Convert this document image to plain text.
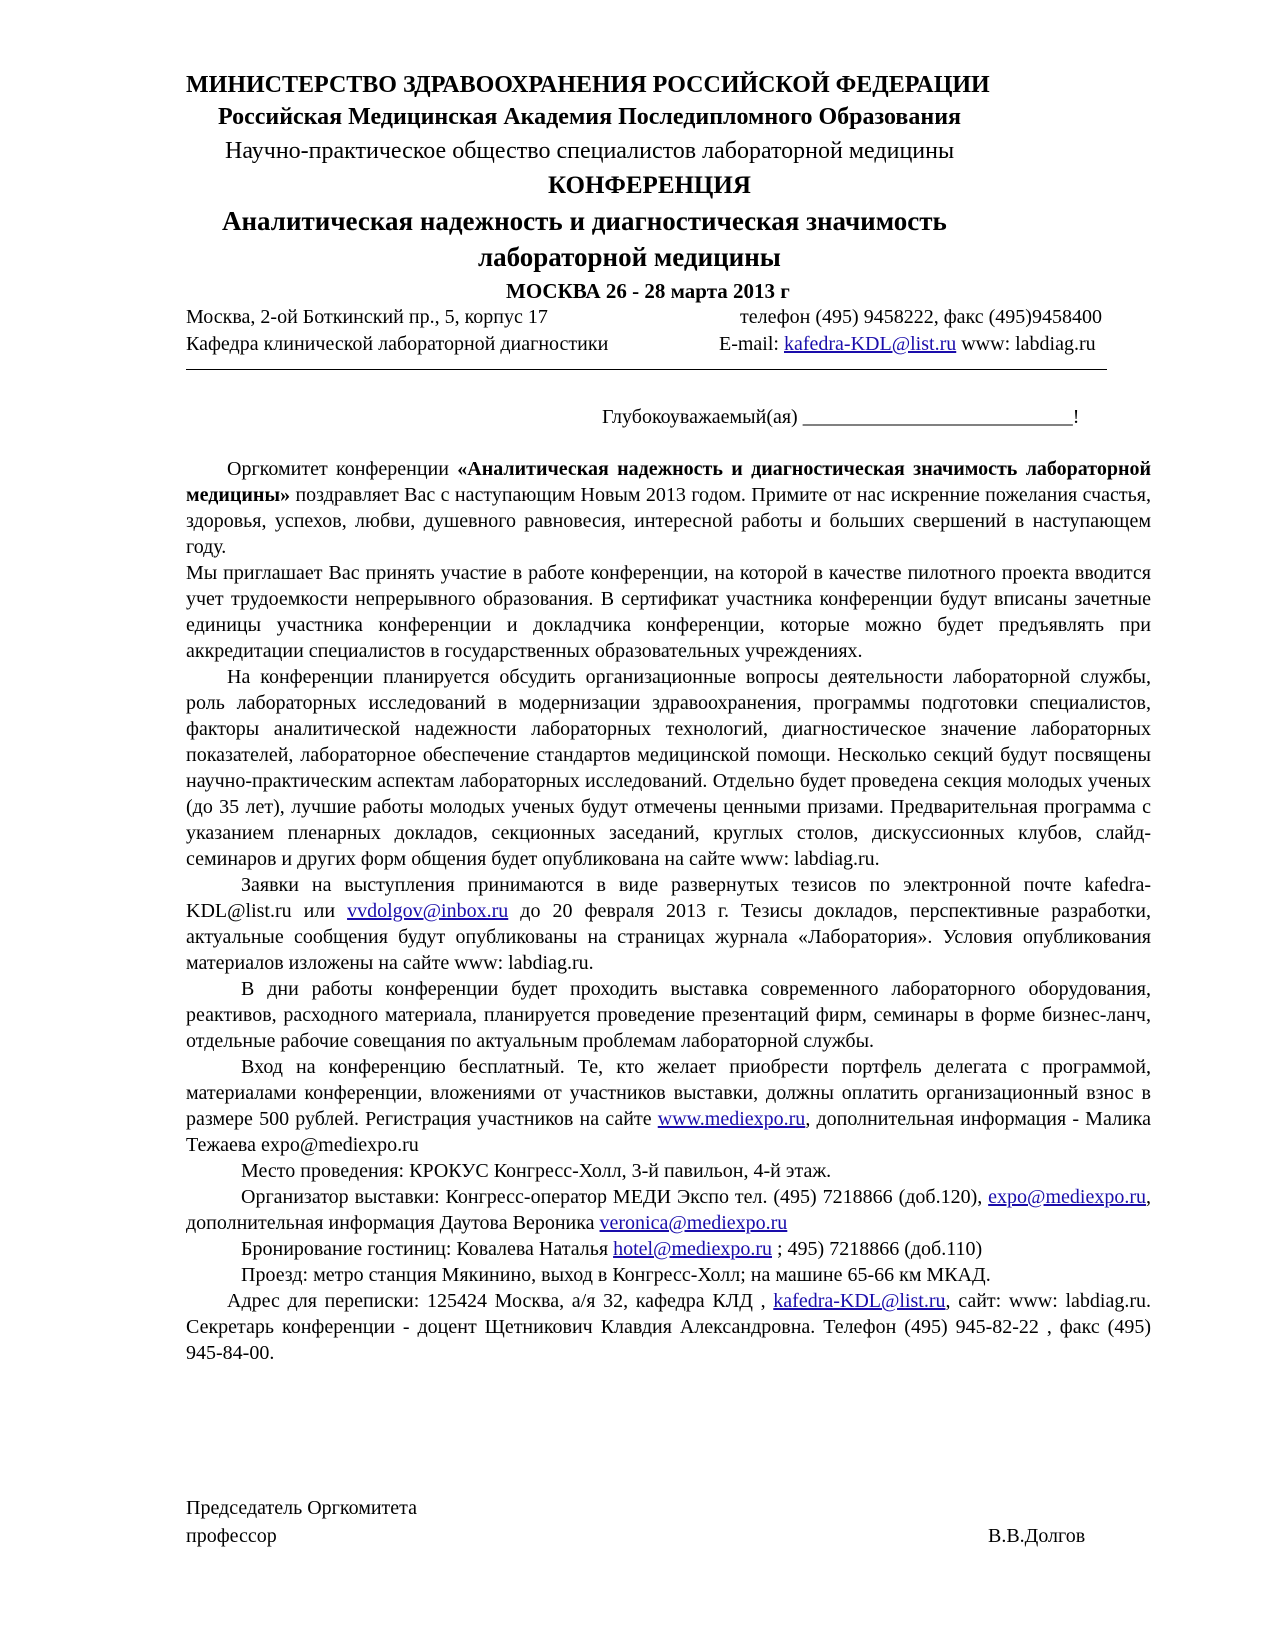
МИНИСТЕРСТВО ЗДРАВООХРАНЕНИЯ РОССИЙСКОЙ ФЕДЕРАЦИИ
Российская Медицинская Академия Последипломного Образования
Научно-практическое общество специалистов лабораторной медицины
КОНФЕРЕНЦИЯ
Аналитическая надежность и диагностическая значимость
лабораторной медицины
МОСКВА 26 - 28 марта 2013 г
Москва, 2-ой Боткинский пр., 5, корпус 17	телефон (495) 9458222, факс (495)9458400
Кафедра клинической лабораторной диагностики	E-mail: kafedra-KDL@list.ru www: labdiag.ru
Глубокоуважаемый(ая) ___________________________!

Оргкомитет конференции «Аналитическая надежность и диагностическая значимость лабораторной медицины» поздравляет Вас с наступающим Новым 2013 годом. Примите от нас искренние пожелания счастья, здоровья, успехов, любви, душевного равновесия, интересной работы и больших свершений в наступающем году.

Мы приглашает Вас принять участие в работе конференции, на которой в качестве пилотного проекта вводится учет трудоемкости непрерывного образования. В сертификат участника конференции будут вписаны зачетные единицы участника конференции и докладчика конференции, которые можно будет предъявлять при аккредитации специалистов в государственных образовательных учреждениях.

На конференции планируется обсудить организационные вопросы деятельности лабораторной службы, роль лабораторных исследований в модернизации здравоохранения, программы подготовки специалистов, факторы аналитической надежности лабораторных технологий, диагностическое значение лабораторных показателей, лабораторное обеспечение стандартов медицинской помощи. Несколько секций будут посвящены научно-практическим аспектам лабораторных исследований. Отдельно будет проведена секция молодых ученых (до 35 лет), лучшие работы молодых ученых будут отмечены ценными призами. Предварительная программа с указанием пленарных докладов, секционных заседаний, круглых столов, дискуссионных клубов, слайд-семинаров и других форм общения будет опубликована на сайте www: labdiag.ru.

Заявки на выступления принимаются в виде развернутых тезисов по электронной почте kafedra-KDL@list.ru или vvdolgov@inbox.ru до 20 февраля 2013 г. Тезисы докладов, перспективные разработки, актуальные сообщения будут опубликованы на страницах журнала «Лаборатория». Условия опубликования материалов изложены на сайте www: labdiag.ru.

В дни работы конференции будет проходить выставка современного лабораторного оборудования, реактивов, расходного материала, планируется проведение презентаций фирм, семинары в форме бизнес-ланч, отдельные рабочие совещания по актуальным проблемам лабораторной службы.

Вход на конференцию бесплатный. Те, кто желает приобрести портфель делегата с программой, материалами конференции, вложениями от участников выставки, должны оплатить организационный взнос в размере 500 рублей. Регистрация участников на сайте www.mediexpo.ru, дополнительная информация - Малика Тежаева expo@mediexpo.ru

Место проведения: КРОКУС Конгресс-Холл, 3-й павильон, 4-й этаж.

Организатор выставки: Конгресс-оператор МЕДИ Экспо тел. (495) 7218866 (доб.120), expo@mediexpo.ru, дополнительная информация Даутова Вероника veronica@mediexpo.ru

Бронирование гостиниц: Ковалева Наталья hotel@mediexpo.ru ; 495) 7218866 (доб.110)

Проезд: метро станция Мякинино, выход в Конгресс-Холл; на машине 65-66 км МКАД.

Адрес для переписки: 125424 Москва, а/я 32, кафедра КЛД , kafedra-KDL@list.ru, сайт: www: labdiag.ru. Секретарь конференции - доцент Щетникович Клавдия Александровна. Телефон (495) 945-82-22 , факс (495) 945-84-00.

Председатель Оргкомитета
профессор	В.В.Долгов
